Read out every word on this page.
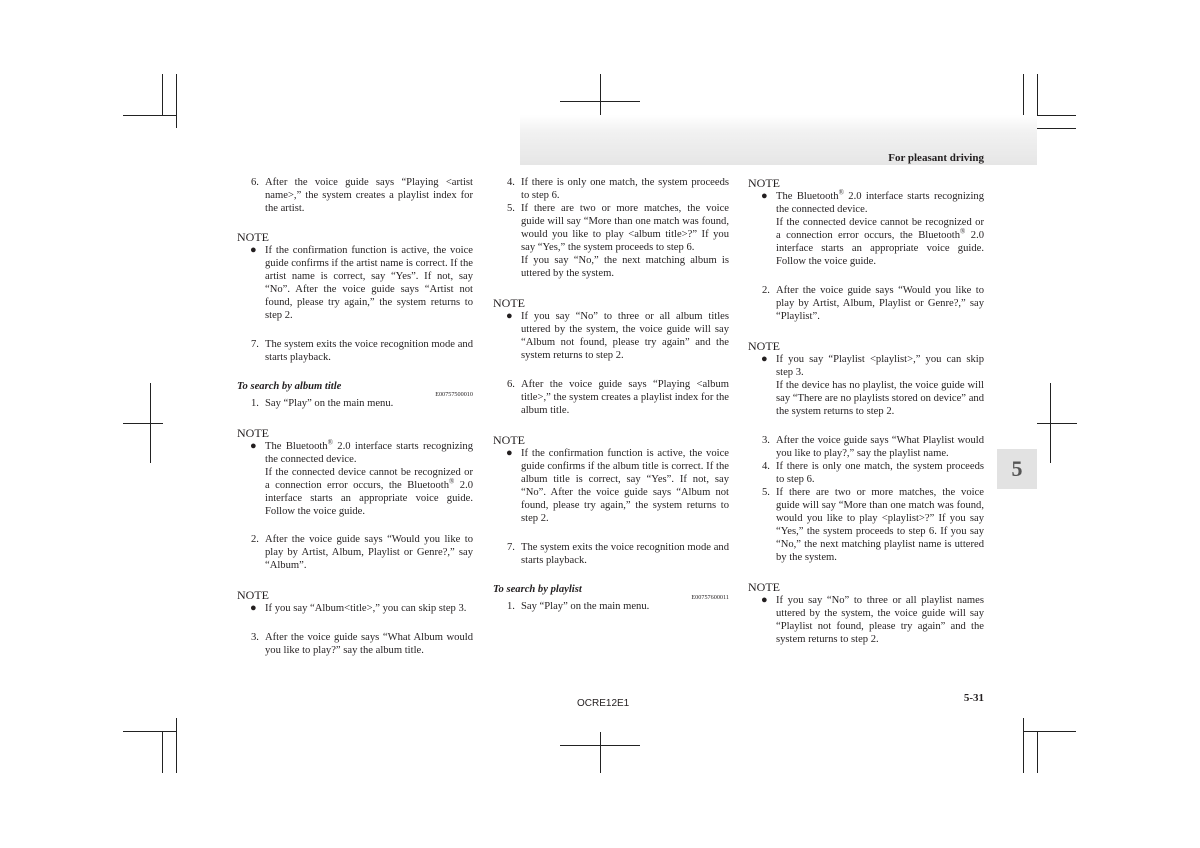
For pleasant driving
5
6. After the voice guide says “Playing <artist name>,” the system creates a playlist index for the artist.

NOTE

● If the confirmation function is active, the voice guide confirms if the artist name is correct. If the artist name is correct, say “Yes”. If not, say “No”. After the voice guide says “Artist not found, please try again,” the system returns to step 2.
7. The system exits the voice recognition mode and starts playback.
To search by album title
E00757500010
1. Say “Play” on the main menu.

NOTE

● The Bluetooth® 2.0 interface starts recognizing the connected device.
If the connected device cannot be recognized or a connection error occurs, the Bluetooth® 2.0 interface starts an appropriate voice guide. Follow the voice guide.
2. After the voice guide says “Would you like to play by Artist, Album, Playlist or Genre?,” say “Album”.

NOTE

● If you say “Album<title>,” you can skip step 3.
3. After the voice guide says “What Album would you like to play?” say the album title.
4. If there is only one match, the system proceeds to step 6.
5. If there are two or more matches, the voice guide will say “More than one match was found, would you like to play <album title>?” If you say “Yes,” the system proceeds to step 6.
If you say “No,” the next matching album is uttered by the system.

NOTE

● If you say “No” to three or all album titles uttered by the system, the voice guide will say “Album not found, please try again” and the system returns to step 2.
6. After the voice guide says “Playing <album title>,” the system creates a playlist index for the album title.

NOTE

● If the confirmation function is active, the voice guide confirms if the album title is correct. If the album title is correct, say “Yes”. If not, say “No”. After the voice guide says “Album not found, please try again,” the system returns to step 2.
7. The system exits the voice recognition mode and starts playback.
To search by playlist
E00757600011
1. Say “Play” on the main menu.

NOTE

● The Bluetooth® 2.0 interface starts recognizing the connected device.
If the connected device cannot be recognized or a connection error occurs, the Bluetooth® 2.0 interface starts an appropriate voice guide. Follow the voice guide.
2. After the voice guide says “Would you like to play by Artist, Album, Playlist or Genre?,” say “Playlist”.

NOTE

● If you say “Playlist <playlist>,” you can skip step 3.
If the device has no playlist, the voice guide will say “There are no playlists stored on device” and the system returns to step 2.
3. After the voice guide says “What Playlist would you like to play?,” say the playlist name.
4. If there is only one match, the system proceeds to step 6.
5. If there are two or more matches, the voice guide will say “More than one match was found, would you like to play <playlist>?” If you say “Yes,” the system proceeds to step 6. If you say “No,” the next matching playlist name is uttered by the system.

NOTE

● If you say “No” to three or all playlist names uttered by the system, the voice guide will say “Playlist not found, please try again” and the system returns to step 2.
OCRE12E1	5-31
